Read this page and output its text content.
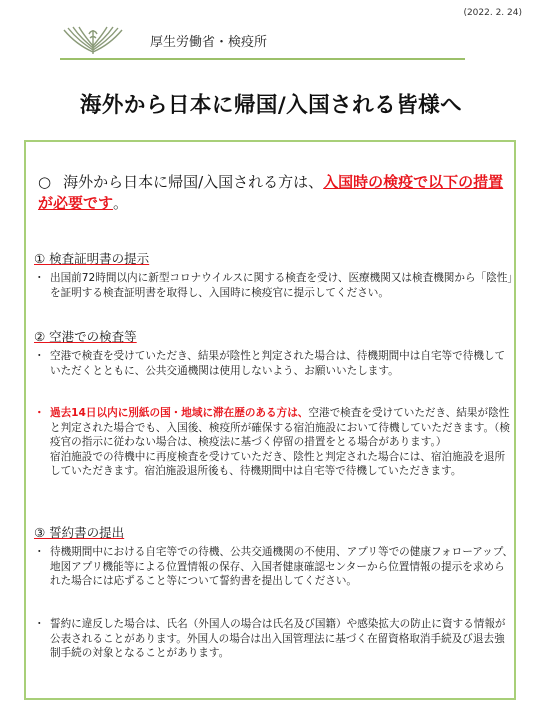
(2022. 2. 24)
厚生労働省・検疫所
海外から日本に帰国/入国される皆様へ
○ 海外から日本に帰国/入国される方は、入国時の検疫で以下の措置が必要です。
① 検査証明書の提示
・ 出国前72時間以内に新型コロナウイルスに関する検査を受け、医療機関又は検査機関から「陰性」を証明する検査証明書を取得し、入国時に検疫官に提示してください。
② 空港での検査等
・ 空港で検査を受けていただき、結果が陰性と判定された場合は、待機期間中は自宅等で待機していただくとともに、公共交通機関は使用しないよう、お願いいたします。
・ 過去14日以内に別紙の国・地域に滞在歴のある方は、空港で検査を受けていただき、結果が陰性と判定された場合でも、入国後、検疫所が確保する宿泊施設において待機していただきます。（検疫官の指示に従わない場合は、検疫法に基づく停留の措置をとる場合があります。）
宿泊施設での待機中に再度検査を受けていただき、陰性と判定された場合には、宿泊施設を退所していただきます。宿泊施設退所後も、待機期間中は自宅等で待機していただきます。
③ 誓約書の提出
・ 待機期間中における自宅等での待機、公共交通機関の不使用、アプリ等での健康フォローアップ、地図アプリ機能等による位置情報の保存、入国者健康確認センターから位置情報の提示を求められた場合には応ずること等について誓約書を提出してください。
・ 誓約に違反した場合は、氏名（外国人の場合は氏名及び国籍）や感染拡大の防止に資する情報が公表されることがあります。外国人の場合は出入国管理法に基づく在留資格取消手続及び退去強制手続の対象となることがあります。
